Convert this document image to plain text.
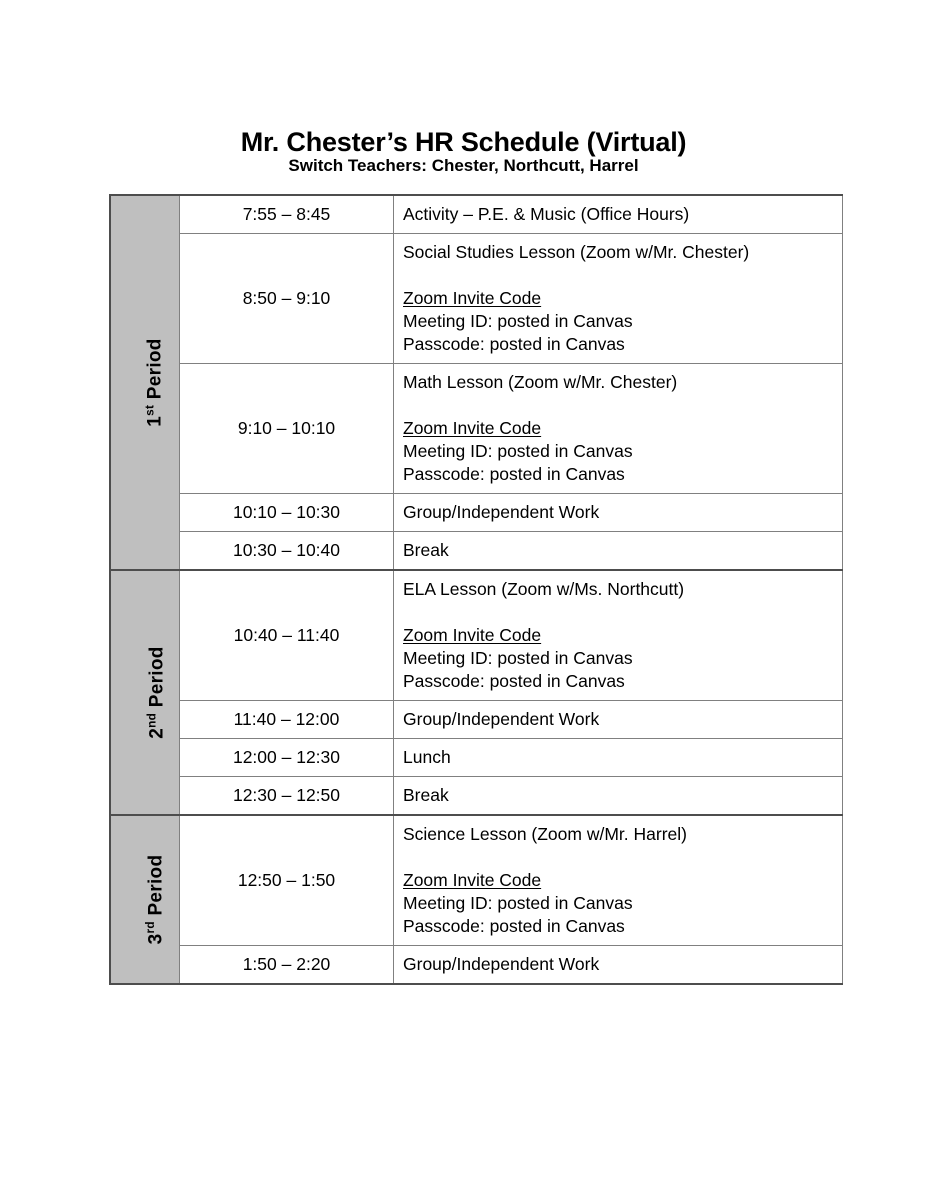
Mr. Chester’s HR Schedule (Virtual)
Switch Teachers: Chester, Northcutt, Harrel
1st Period	7:55 – 8:45	Activity – P.E. & Music (Office Hours)

	8:50 – 9:10	Social Studies Lesson (Zoom w/Mr. Chester)
Zoom Invite Code
Meeting ID: posted in Canvas
Passcode: posted in Canvas

	9:10 – 10:10	Math Lesson (Zoom w/Mr. Chester)
Zoom Invite Code
Meeting ID: posted in Canvas
Passcode: posted in Canvas

	10:10 – 10:30	Group/Independent Work

	10:30 – 10:40	Break

2nd Period	10:40 – 11:40	ELA Lesson (Zoom w/Ms. Northcutt)
Zoom Invite Code
Meeting ID: posted in Canvas
Passcode: posted in Canvas

	11:40 – 12:00	Group/Independent Work

	12:00 – 12:30	Lunch

	12:30 – 12:50	Break

3rd Period	12:50 – 1:50	Science Lesson (Zoom w/Mr. Harrel)
Zoom Invite Code
Meeting ID: posted in Canvas
Passcode: posted in Canvas

	1:50 – 2:20	Group/Independent Work
